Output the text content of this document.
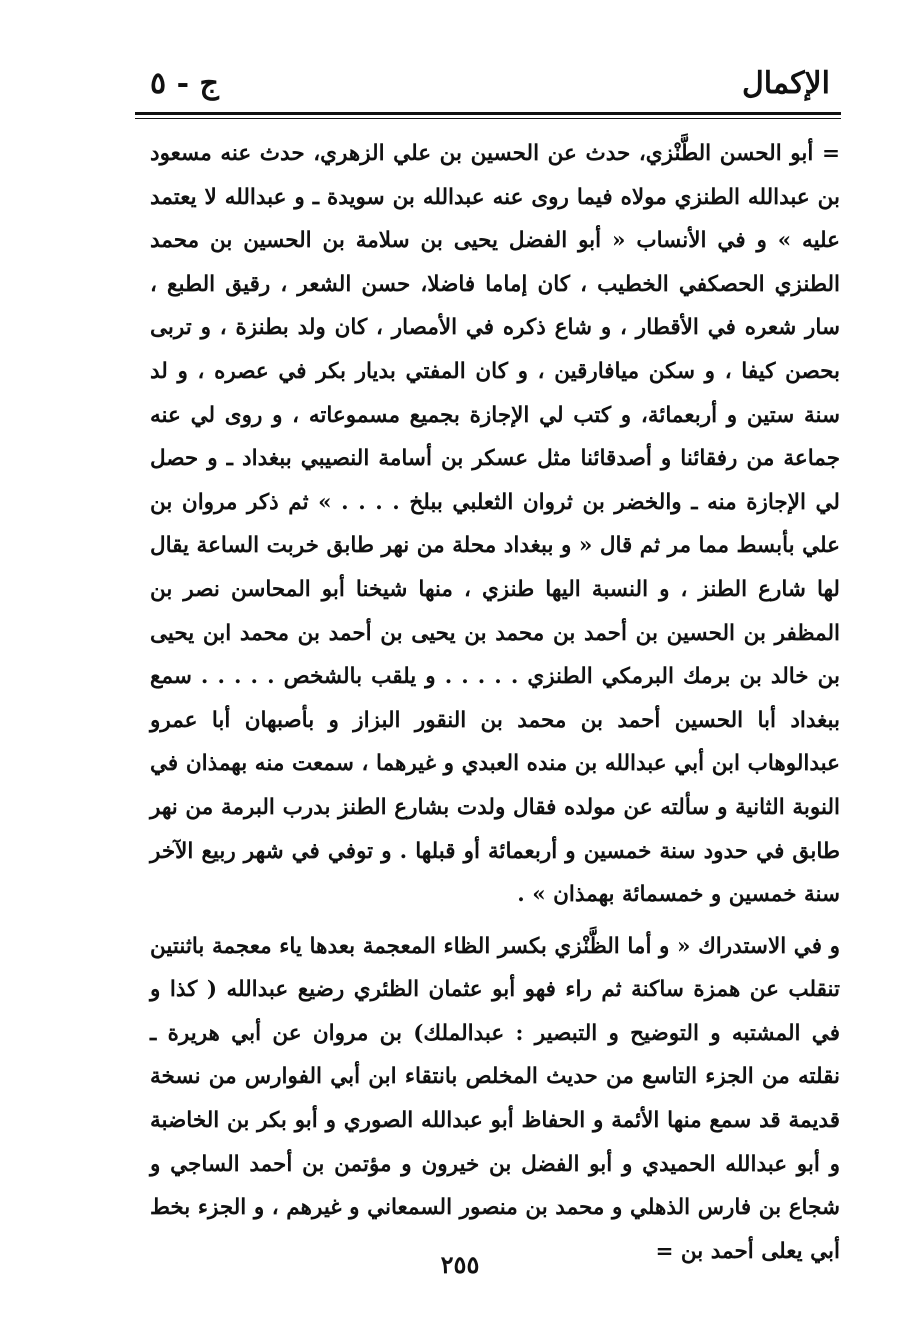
الإكمال
ج - ٥

= أبو الحسن الطَّنْزي، حدث عن الحسين بن علي الزهري، حدث عنه مسعود بن عبدالله الطنزي مولاه فيما روى عنه عبدالله بن سويدة ـ و عبدالله لا يعتمد عليه » و في الأنساب « أبو الفضل يحيى بن سلامة بن الحسين بن محمد الطنزي الحصكفي الخطيب ، كان إماما فاضلا، حسن الشعر ، رقيق الطبع ، سار شعره في الأقطار ، و شاع ذكره في الأمصار ، كان ولد بطنزة ، و تربى بحصن كيفا ، و سكن ميافارقين ، و كان المفتي بديار بكر في عصره ، و لد سنة ستين و أربعمائة، و كتب لي الإجازة بجميع مسموعاته ، و روى لي عنه جماعة من رفقائنا و أصدقائنا مثل عسكر بن أسامة النصيبي ببغداد ـ و حصل لي الإجازة منه ـ والخضر بن ثروان الثعلبي ببلخ . . . . » ثم ذكر مروان بن علي بأبسط مما مر ثم قال « و ببغداد محلة من نهر طابق خربت الساعة يقال لها شارع الطنز ، و النسبة اليها طنزي ، منها شيخنا أبو المحاسن نصر بن المظفر بن الحسين بن أحمد بن محمد بن يحيى بن أحمد بن محمد ابن يحيى بن خالد بن برمك البرمكي الطنزي . . . . . و يلقب بالشخص . . . . . سمع ببغداد أبا الحسين أحمد بن محمد بن النقور البزاز و بأصبهان أبا عمرو عبدالوهاب ابن أبي عبدالله بن منده العبدي و غيرهما ، سمعت منه بهمذان في النوبة الثانية و سألته عن مولده فقال ولدت بشارع الطنز بدرب البرمة من نهر طابق في حدود سنة خمسين و أربعمائة أو قبلها . و توفي في شهر ربيع الآخر سنة خمسين و خمسمائة بهمذان » .

و في الاستدراك « و أما الظَّنْزي بكسر الظاء المعجمة بعدها ياء معجمة باثنتين تنقلب عن همزة ساكنة ثم راء فهو أبو عثمان الظئري رضيع عبدالله ( كذا و في المشتبه و التوضيح و التبصير : عبدالملك) بن مروان عن أبي هريرة ـ نقلته من الجزء التاسع من حديث المخلص بانتقاء ابن أبي الفوارس من نسخة قديمة قد سمع منها الأئمة و الحفاظ أبو عبدالله الصوري و أبو بكر بن الخاضبة و أبو عبدالله الحميدي و أبو الفضل بن خيرون و مؤتمن بن أحمد الساجي و شجاع بن فارس الذهلي و محمد بن منصور السمعاني و غيرهم ، و الجزء بخط أبي يعلى أحمد بن =

٢٥٥
